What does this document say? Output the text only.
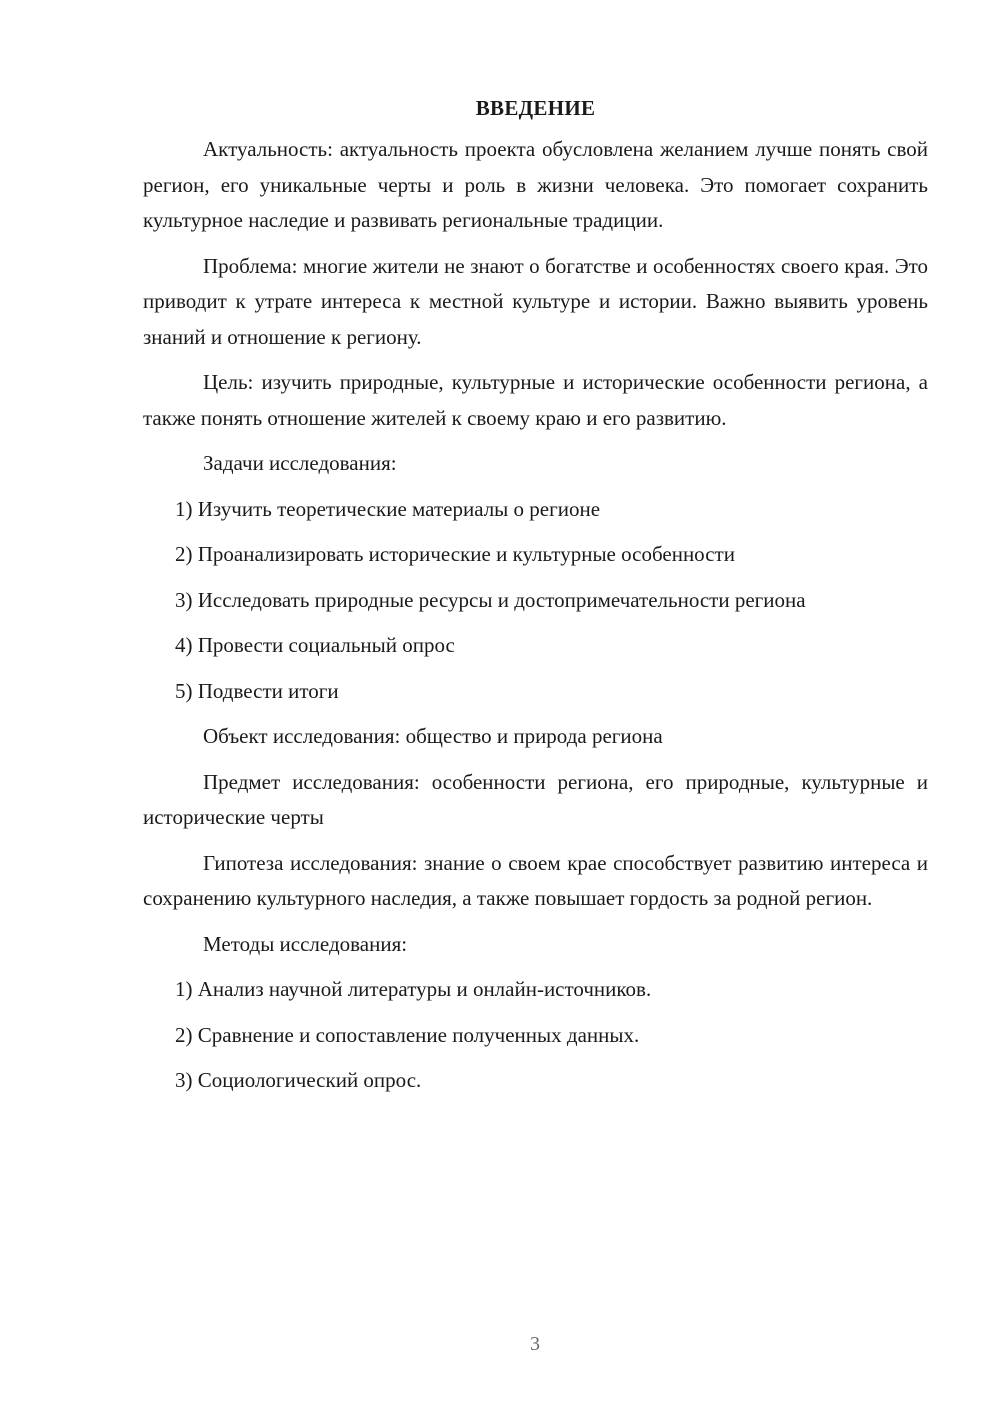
ВВЕДЕНИЕ

Актуальность: актуальность проекта обусловлена желанием лучше понять свой регион, его уникальные черты и роль в жизни человека. Это помогает сохранить культурное наследие и развивать региональные традиции.

Проблема: многие жители не знают о богатстве и особенностях своего края. Это приводит к утрате интереса к местной культуре и истории. Важно выявить уровень знаний и отношение к региону.

Цель: изучить природные, культурные и исторические особенности региона, а также понять отношение жителей к своему краю и его развитию.

Задачи исследования:

1) Изучить теоретические материалы о регионе

2) Проанализировать исторические и культурные особенности

3) Исследовать природные ресурсы и достопримечательности региона

4) Провести социальный опрос

5) Подвести итоги

Объект исследования: общество и природа региона

Предмет исследования: особенности региона, его природные, культурные и исторические черты

Гипотеза исследования: знание о своем крае способствует развитию интереса и сохранению культурного наследия, а также повышает гордость за родной регион.

Методы исследования:

1) Анализ научной литературы и онлайн-источников.

2) Сравнение и сопоставление полученных данных.

3) Социологический опрос.

3
